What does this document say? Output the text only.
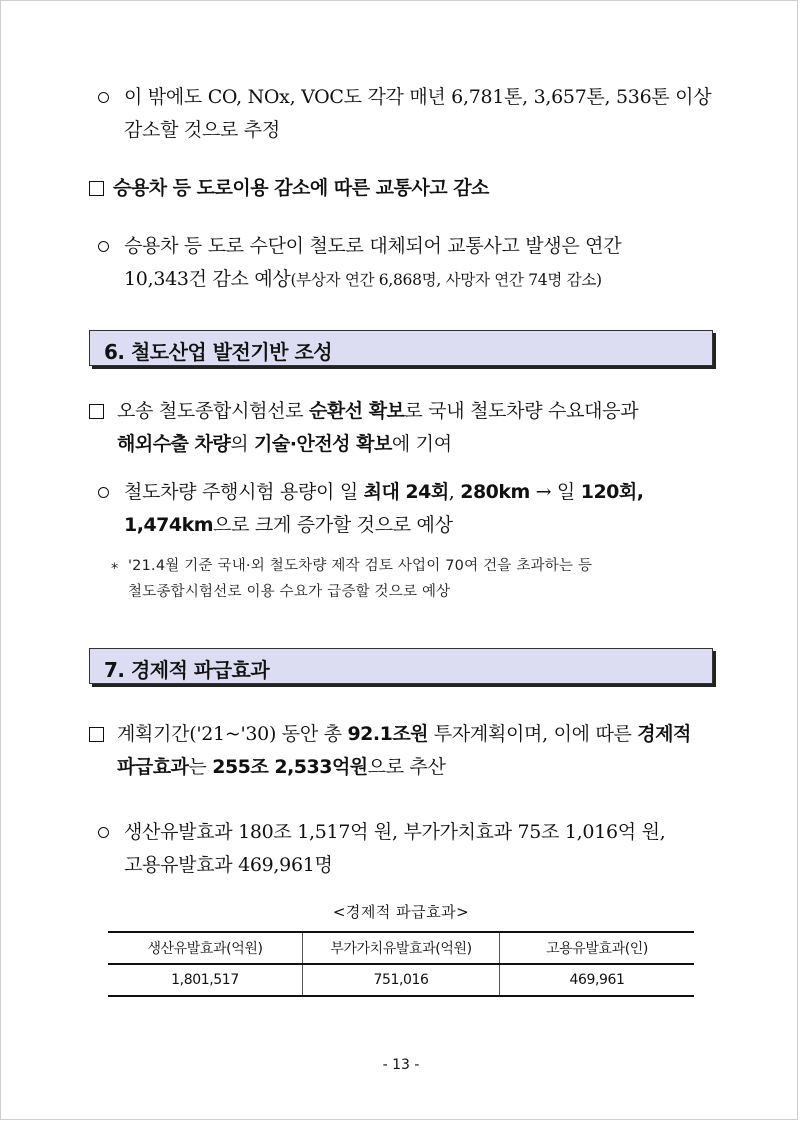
이 밖에도 CO, NOx, VOC도 각각 매년 6,781톤, 3,657톤, 536톤 이상
감소할 것으로 추정
승용차 등 도로이용 감소에 따른 교통사고 감소
승용차 등 도로 수단이 철도로 대체되어 교통사고 발생은 연간
10,343건 감소 예상(부상자 연간 6,868명, 사망자 연간 74명 감소)
6. 철도산업 발전기반 조성
오송 철도종합시험선로 순환선 확보로 국내 철도차량 수요대응과
해외수출 차량의 기술·안전성 확보에 기여
철도차량 주행시험 용량이 일 최대 24회, 280km → 일 120회,
1,474km으로 크게 증가할 것으로 예상
* '21.4월 기준 국내·외 철도차량 제작 검토 사업이 70여 건을 초과하는 등
철도종합시험선로 이용 수요가 급증할 것으로 예상
7. 경제적 파급효과
계획기간('21~'30) 동안 총 92.1조원 투자계획이며, 이에 따른 경제적
파급효과는 255조 2,533억원으로 추산
생산유발효과 180조 1,517억 원, 부가가치효과 75조 1,016억 원,
고용유발효과 469,961명
<경제적 파급효과>
생산유발효과(억원)	부가가치유발효과(억원)	고용유발효과(인)
1,801,517	751,016	469,961
- 13 -
